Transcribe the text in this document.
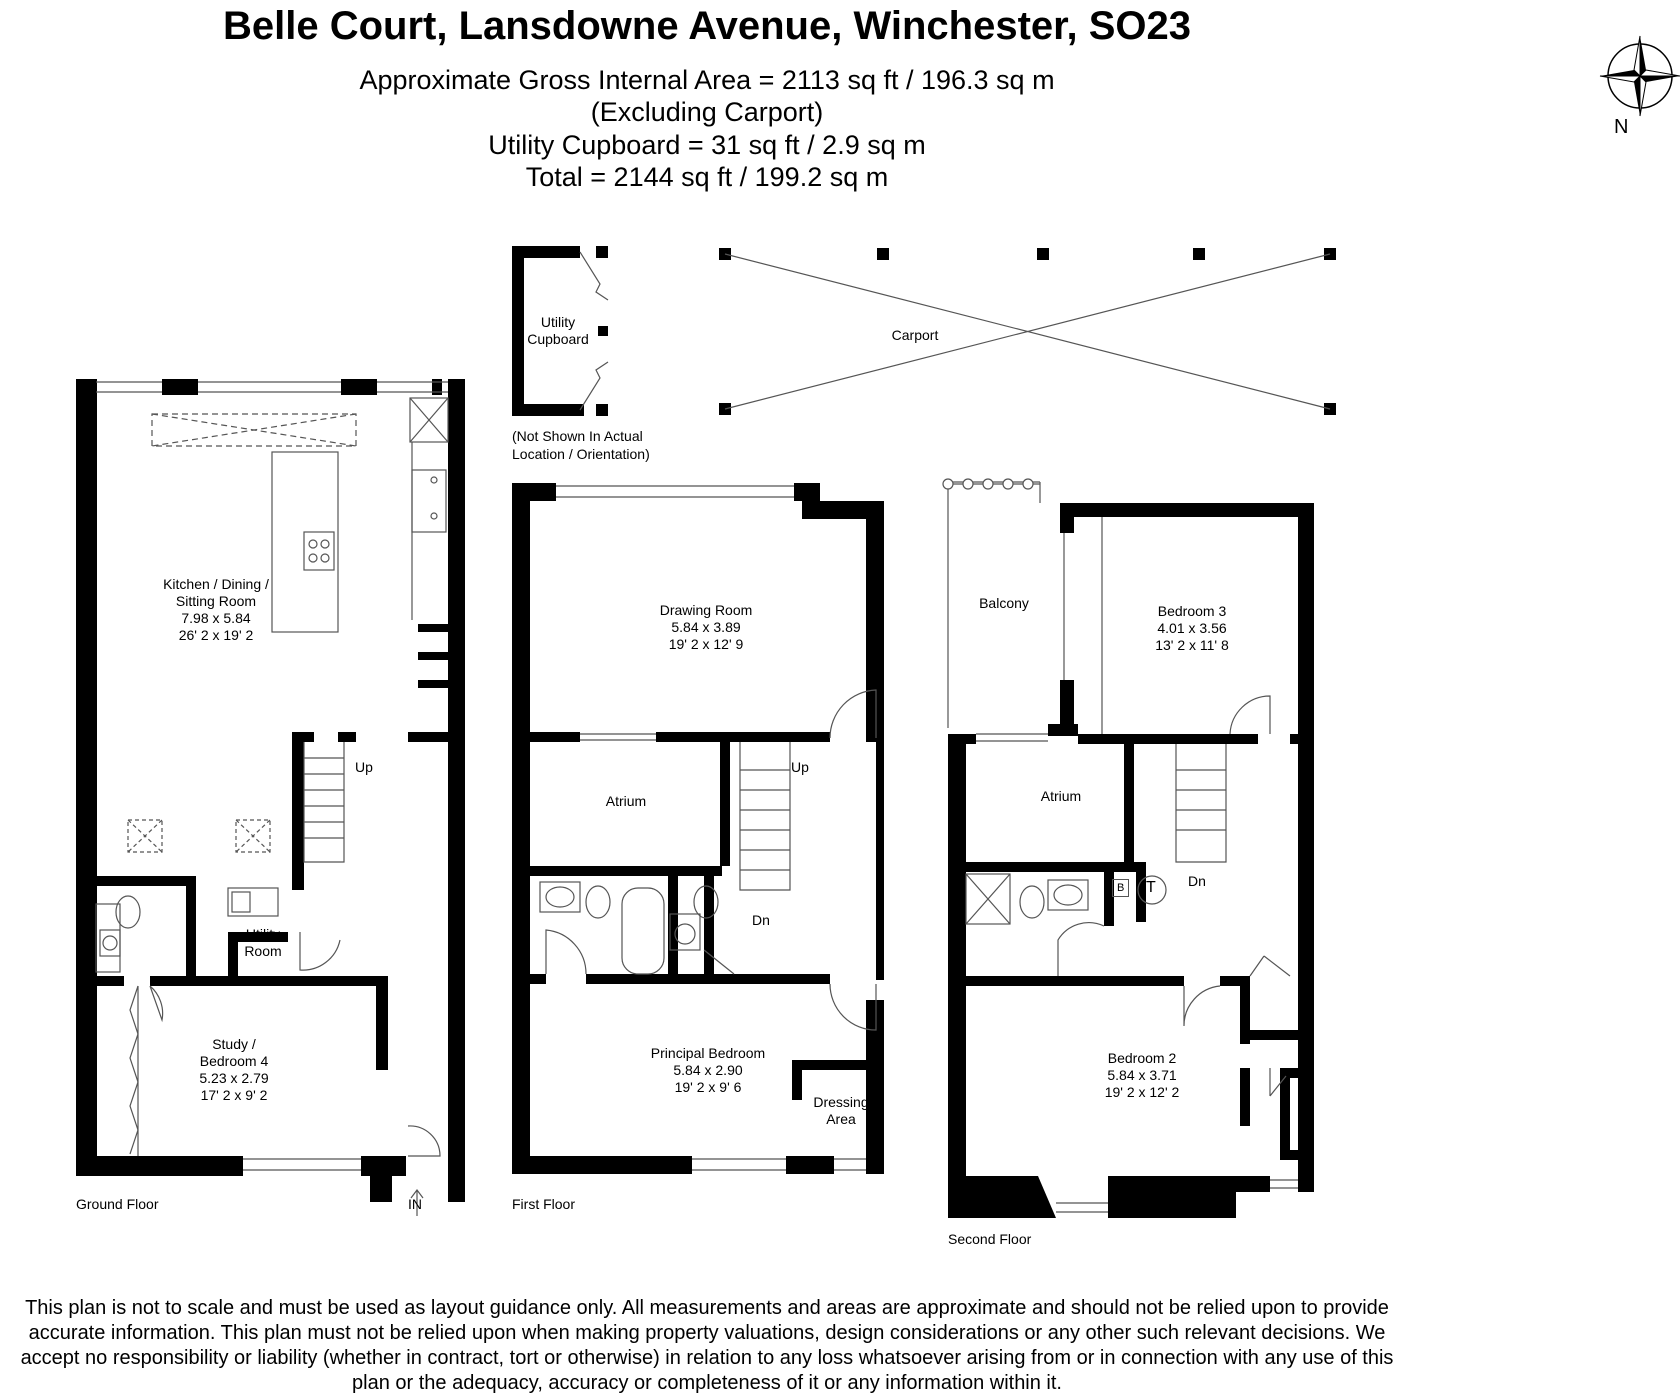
Belle Court, Lansdowne Avenue, Winchester, SO23
Approximate Gross Internal Area = 2113 sq ft / 196.3 sq m
(Excluding Carport)
Utility Cupboard = 31 sq ft / 2.9 sq m
Total = 2144 sq ft / 199.2 sq m
N
Kitchen / Dining /
Sitting Room
7.98 x 5.84
26' 2 x 19' 2
Utility
Room
Study /
Bedroom 4
5.23 x 2.79
17' 2 x 9' 2
Drawing Room
5.84 x 3.89
19' 2 x 12' 9
Atrium
Principal Bedroom
5.84 x 2.90
19' 2 x 9' 6
Dressing
Area
Balcony	Bedroom 3
4.01 x 3.56
13' 2 x 11' 8
Atrium
Bedroom 2
5.84 x 3.71
19' 2 x 12' 2
Utility
Cupboard	Carport
(Not Shown In Actual
Location / Orientation)
Up	Up
Dn
Dn
IN
B	T
Ground Floor	First Floor
Second Floor
This plan is not to scale and must be used as layout guidance only. All measurements and areas are approximate and should not be relied upon to provide accurate information. This plan must not be relied upon when making property valuations, design considerations or any other such relevant decisions. We accept no responsibility or liability (whether in contract, tort or otherwise) in relation to any loss whatsoever arising from or in connection with any use of this plan or the adequacy, accuracy or completeness of it or any information within it.
